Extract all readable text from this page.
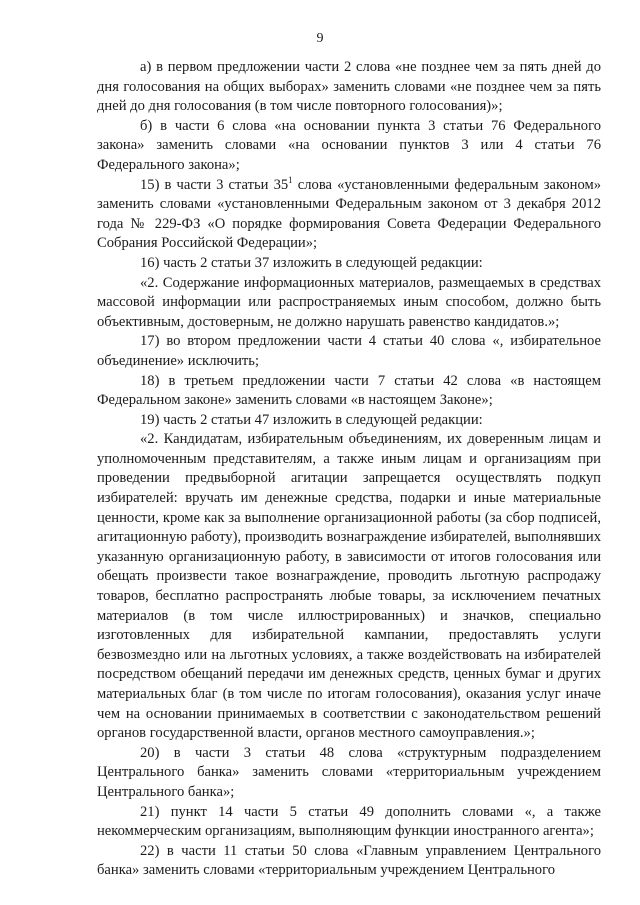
9

а) в первом предложении части 2 слова «не позднее чем за пять дней до дня голосования на общих выборах» заменить словами «не позднее чем за пять дней до дня голосования (в том числе повторного голосования)»;

б) в части 6 слова «на основании пункта 3 статьи 76 Федерального закона» заменить словами «на основании пунктов 3 или 4 статьи 76 Федерального закона»;

15) в части 3 статьи $35^1$ слова «установленными федеральным законом» заменить словами «установленными Федеральным законом от 3 декабря 2012 года № 229-ФЗ «О порядке формирования Совета Федерации Федерального Собрания Российской Федерации»;

16) часть 2 статьи 37 изложить в следующей редакции:

«2. Содержание информационных материалов, размещаемых в средствах массовой информации или распространяемых иным способом, должно быть объективным, достоверным, не должно нарушать равенство кандидатов.»;

17) во втором предложении части 4 статьи 40 слова «, избирательное объединение» исключить;

18) в третьем предложении части 7 статьи 42 слова «в настоящем Федеральном законе» заменить словами «в настоящем Законе»;

19) часть 2 статьи 47 изложить в следующей редакции:

«2. Кандидатам, избирательным объединениям, их доверенным лицам и уполномоченным представителям, а также иным лицам и организациям при проведении предвыборной агитации запрещается осуществлять подкуп избирателей: вручать им денежные средства, подарки и иные материальные ценности, кроме как за выполнение организационной работы (за сбор подписей, агитационную работу), производить вознаграждение избирателей, выполнявших указанную организационную работу, в зависимости от итогов голосования или обещать произвести такое вознаграждение, проводить льготную распродажу товаров, бесплатно распространять любые товары, за исключением печатных материалов (в том числе иллюстрированных) и значков, специально изготовленных для избирательной кампании, предоставлять услуги безвозмездно или на льготных условиях, а также воздействовать на избирателей посредством обещаний передачи им денежных средств, ценных бумаг и других материальных благ (в том числе по итогам голосования), оказания услуг иначе чем на основании принимаемых в соответствии с законодательством решений органов государственной власти, органов местного самоуправления.»;

20) в части 3 статьи 48 слова «структурным подразделением Центрального банка» заменить словами «территориальным учреждением Центрального банка»;

21) пункт 14 части 5 статьи 49 дополнить словами «, а также некоммерческим организациям, выполняющим функции иностранного агента»;

22) в части 11 статьи 50 слова «Главным управлением Центрального банка» заменить словами «территориальным учреждением Центрального
